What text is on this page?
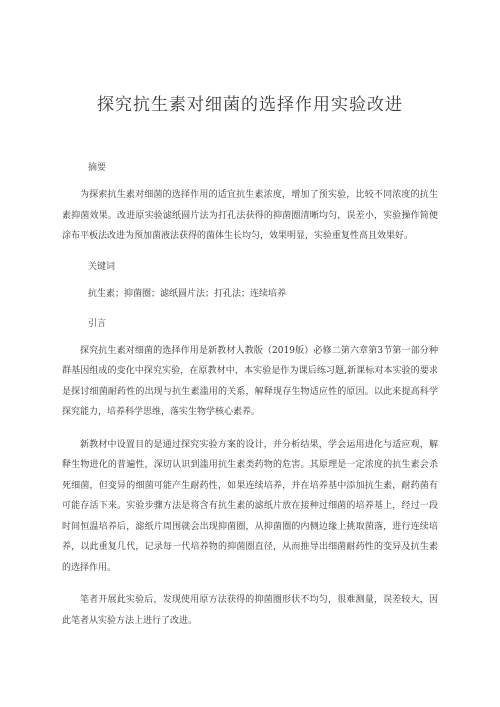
探究抗生素对细菌的选择作用实验改进
摘要

为探索抗生素对细菌的选择作用的适宜抗生素浓度，增加了预实验，比较不同浓度的抗生素抑菌效果。改进原实验滤纸圆片法为打孔法获得的抑菌圈清晰均匀，误差小，实验操作简便涂布平板法改进为预加菌液法获得的菌体生长均匀，效果明显，实验重复性高且效果好。

关键词

抗生素；抑菌圈；滤纸圆片法；打孔法；连续培养

引言

探究抗生素对细菌的选择作用是新教材人教版（2019版）必修二第六章第3节第一部分种群基因组成的变化中探究实验，在原教材中，本实验是作为课后练习题,新课标对本实验的要求是探讨细菌耐药性的出现与抗生素滥用的关系，解释现存生物适应性的原因。以此来提高科学探究能力，培养科学思维，落实生物学核心素养。

新教材中设置目的是通过探究实验方案的设计，并分析结果，学会运用进化与适应观，解释生物进化的普遍性，深切认识到滥用抗生素类药物的危害。其原理是一定浓度的抗生素会杀死细菌，但变异的细菌可能产生耐药性，如果连续培养，并在培养基中添加抗生素，耐药菌有可能存活下来。实验步骤方法是将含有抗生素的滤纸片放在接种过细菌的培养基上，经过一段时间恒温培养后，滤纸片周围就会出现抑菌圈，从抑菌圈的内侧边缘上挑取菌落，进行连续培养，以此重复几代，记录每一代培养物的抑菌圈直径，从而推导出细菌耐药性的变异及抗生素的选择作用。

笔者开展此实验后，发现使用原方法获得的抑菌圈形状不均匀，很难测量，误差较大，因此笔者从实验方法上进行了改进。
